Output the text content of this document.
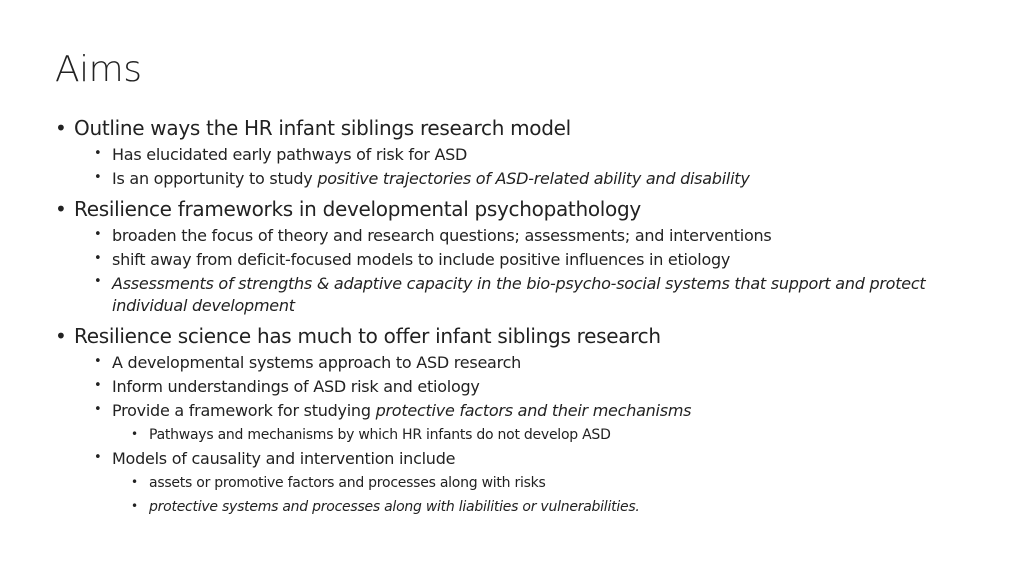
Aims
• Outline ways the HR infant siblings research model
• Has elucidated early pathways of risk for ASD
• Is an opportunity to study positive trajectories of ASD-related ability and disability
• Resilience frameworks in developmental psychopathology
• broaden the focus of theory and research questions; assessments; and interventions
• shift away from deficit-focused models to include positive influences in etiology
• Assessments of strengths & adaptive capacity in the bio-psycho-social systems that support and protect individual development
• Resilience science has much to offer infant siblings research
• A developmental systems approach to ASD research
• Inform understandings of ASD risk and etiology
• Provide a framework for studying protective factors and their mechanisms
• Pathways and mechanisms by which HR infants do not develop ASD
• Models of causality and intervention include
• assets or promotive factors and processes along with risks
• protective systems and processes along with liabilities or vulnerabilities.
